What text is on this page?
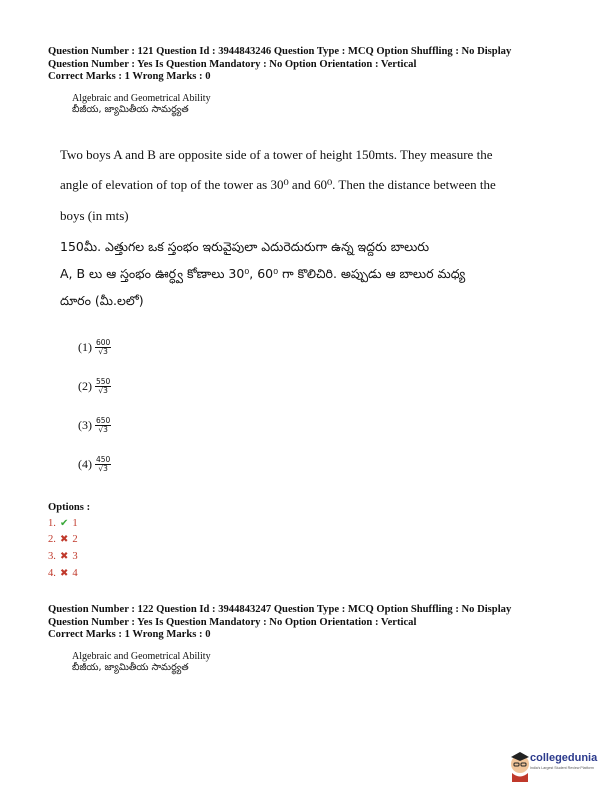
Question Number : 121 Question Id : 3944843246 Question Type : MCQ Option Shuffling : No Display
Question Number : Yes Is Question Mandatory : No Option Orientation : Vertical
Correct Marks : 1 Wrong Marks : 0
Algebraic and Geometrical Ability
బీజీయ, జ్యామితీయ సామర్థ్యత
Two boys A and B are opposite side of a tower of height 150mts. They measure the
angle of elevation of top of the tower as 30⁰ and 60⁰. Then the distance between the
boys (in mts)
150మీ. ఎత్తుగల ఒక స్తంభం ఇరువైపులా ఎదురెదురుగా ఉన్న ఇద్దరు బాలురు
A, B లు ఆ స్తంభం ఊర్ధ్వ కోణాలు 30⁰, 60⁰ గా కొలిచిరి. అప్పుడు ఆ బాలుర మధ్య
దూరం (మీ.లలో)
$(1) \frac{600}{√3}$
$(2) \frac{550}{√3}$
$(3) \frac{650}{√3}$
$(4) \frac{450}{√3}$
Options :
1. ✔ 1
2. ✖ 2
3. ✖ 3
4. ✖ 4
Question Number : 122 Question Id : 3944843247 Question Type : MCQ Option Shuffling : No Display
Question Number : Yes Is Question Mandatory : No Option Orientation : Vertical
Correct Marks : 1 Wrong Marks : 0
Algebraic and Geometrical Ability
బీజీయ, జ్యామితీయ సామర్థ్యత
collegedunia
India's Largest Student Review Platform
